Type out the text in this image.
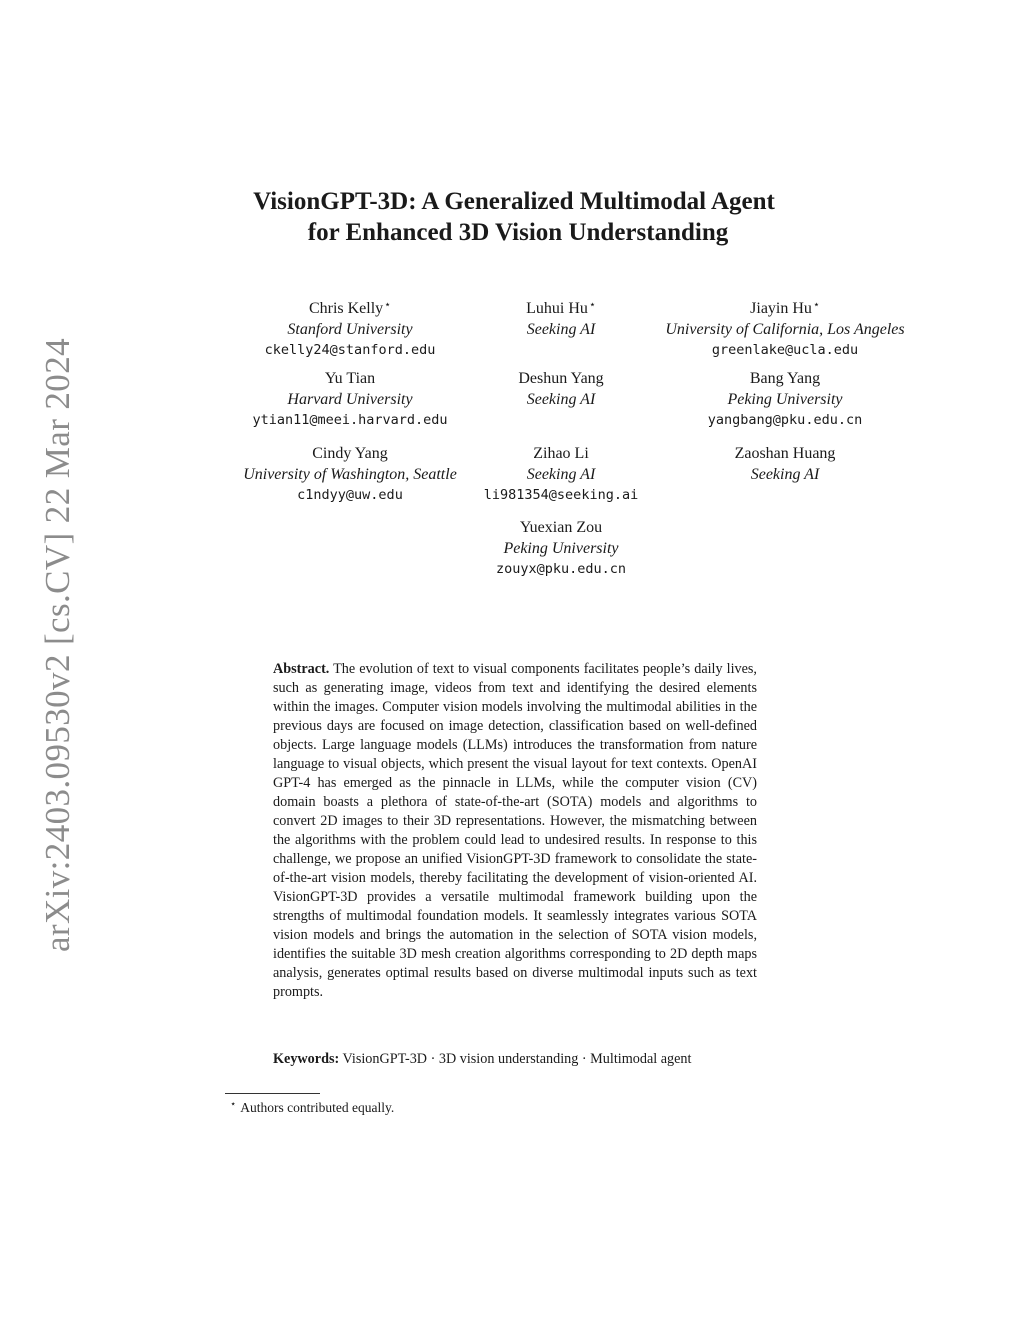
arXiv:2403.09530v2 [cs.CV] 22 Mar 2024
VisionGPT-3D: A Generalized Multimodal Agent
for Enhanced 3D Vision Understanding
Chris Kelly⋆
Stanford University
ckelly24@stanford.edu
Luhui Hu⋆
Seeking AI
Jiayin Hu⋆
University of California, Los Angeles
greenlake@ucla.edu
Yu Tian
Harvard University
ytian11@meei.harvard.edu
Deshun Yang
Seeking AI
Bang Yang
Peking University
yangbang@pku.edu.cn
Cindy Yang
University of Washington, Seattle
c1ndyy@uw.edu
Zihao Li
Seeking AI
li981354@seeking.ai
Zaoshan Huang
Seeking AI
Yuexian Zou
Peking University
zouyx@pku.edu.cn

Abstract. The evolution of text to visual components facilitates people’s daily lives, such as generating image, videos from text and identifying the desired elements within the images. Computer vision models involving the multimodal abilities in the previous days are focused on image detection, classification based on well-defined objects. Large language models (LLMs) introduces the transformation from nature language to visual objects, which present the visual layout for text contexts. OpenAI GPT-4 has emerged as the pinnacle in LLMs, while the computer vision (CV) domain boasts a plethora of state-of-the-art (SOTA) models and algorithms to convert 2D images to their 3D representations. However, the mismatching between the algorithms with the problem could lead to undesired results. In response to this challenge, we propose an unified VisionGPT-3D framework to consolidate the state-of-the-art vision models, thereby facilitating the development of vision-oriented AI. VisionGPT-3D provides a versatile multimodal framework building upon the strengths of multimodal foundation models. It seamlessly integrates various SOTA vision models and brings the automation in the selection of SOTA vision models, identifies the suitable 3D mesh creation algorithms corresponding to 2D depth maps analysis, generates optimal results based on diverse multimodal inputs such as text prompts.

Keywords: VisionGPT-3D · 3D vision understanding · Multimodal agent
⋆ Authors contributed equally.
